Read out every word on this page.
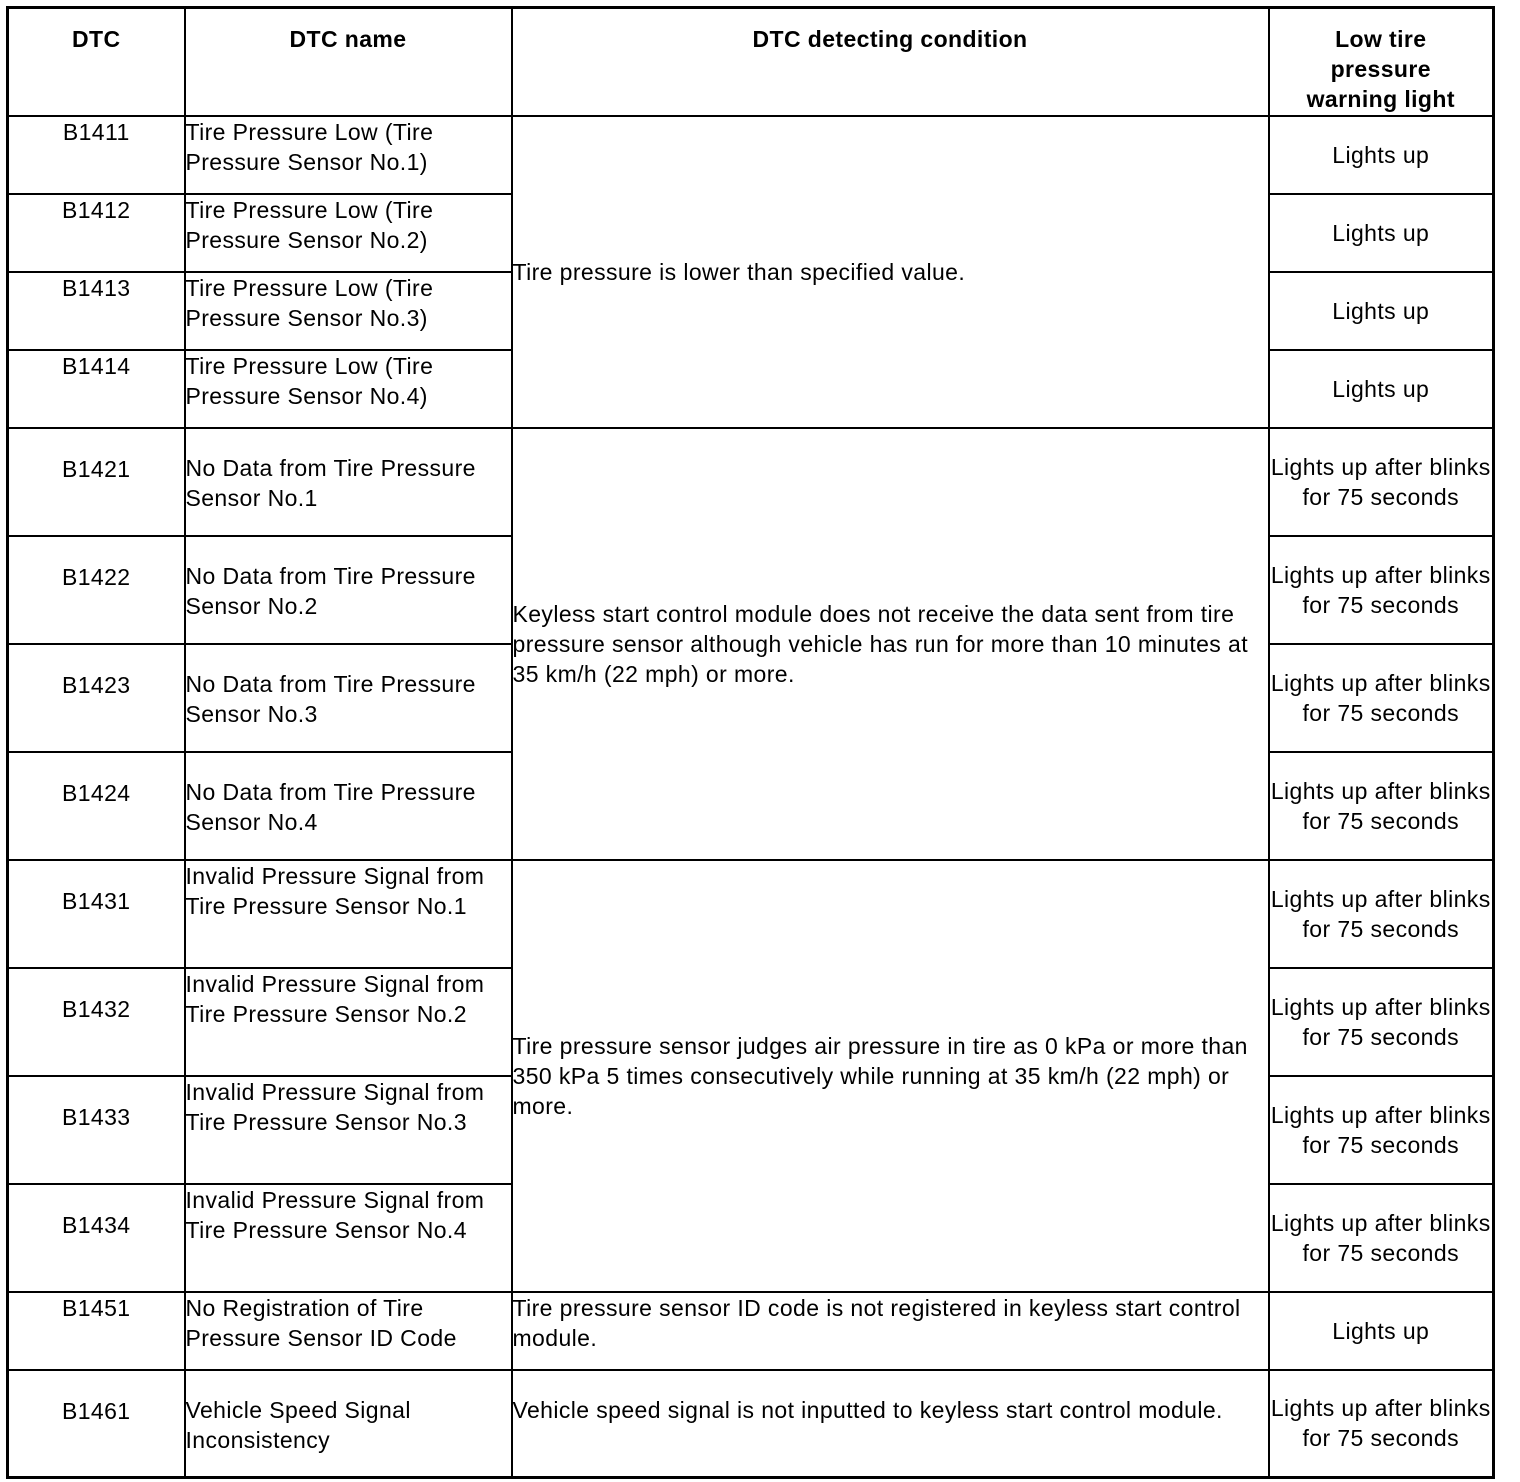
DTC	DTC name	DTC detecting condition	Low tire pressure warning light
B1411	Tire Pressure Low (Tire Pressure Sensor No.1)	Tire pressure is lower than specified value.	Lights up
B1412	Tire Pressure Low (Tire Pressure Sensor No.2)		Lights up
B1413	Tire Pressure Low (Tire Pressure Sensor No.3)		Lights up
B1414	Tire Pressure Low (Tire Pressure Sensor No.4)		Lights up
B1421	No Data from Tire Pressure Sensor No.1	Keyless start control module does not receive the data sent from tire pressure sensor although vehicle has run for more than 10 minutes at 35 km/h (22 mph) or more.	Lights up after blinks for 75 seconds
B1422	No Data from Tire Pressure Sensor No.2		Lights up after blinks for 75 seconds
B1423	No Data from Tire Pressure Sensor No.3		Lights up after blinks for 75 seconds
B1424	No Data from Tire Pressure Sensor No.4		Lights up after blinks for 75 seconds
B1431	Invalid Pressure Signal from Tire Pressure Sensor No.1	Tire pressure sensor judges air pressure in tire as 0 kPa or more than 350 kPa 5 times consecutively while running at 35 km/h (22 mph) or more.	Lights up after blinks for 75 seconds
B1432	Invalid Pressure Signal from Tire Pressure Sensor No.2		Lights up after blinks for 75 seconds
B1433	Invalid Pressure Signal from Tire Pressure Sensor No.3		Lights up after blinks for 75 seconds
B1434	Invalid Pressure Signal from Tire Pressure Sensor No.4		Lights up after blinks for 75 seconds
B1451	No Registration of Tire Pressure Sensor ID Code	Tire pressure sensor ID code is not registered in keyless start control module.	Lights up
B1461	Vehicle Speed Signal Inconsistency	Vehicle speed signal is not inputted to keyless start control module.	Lights up after blinks for 75 seconds
